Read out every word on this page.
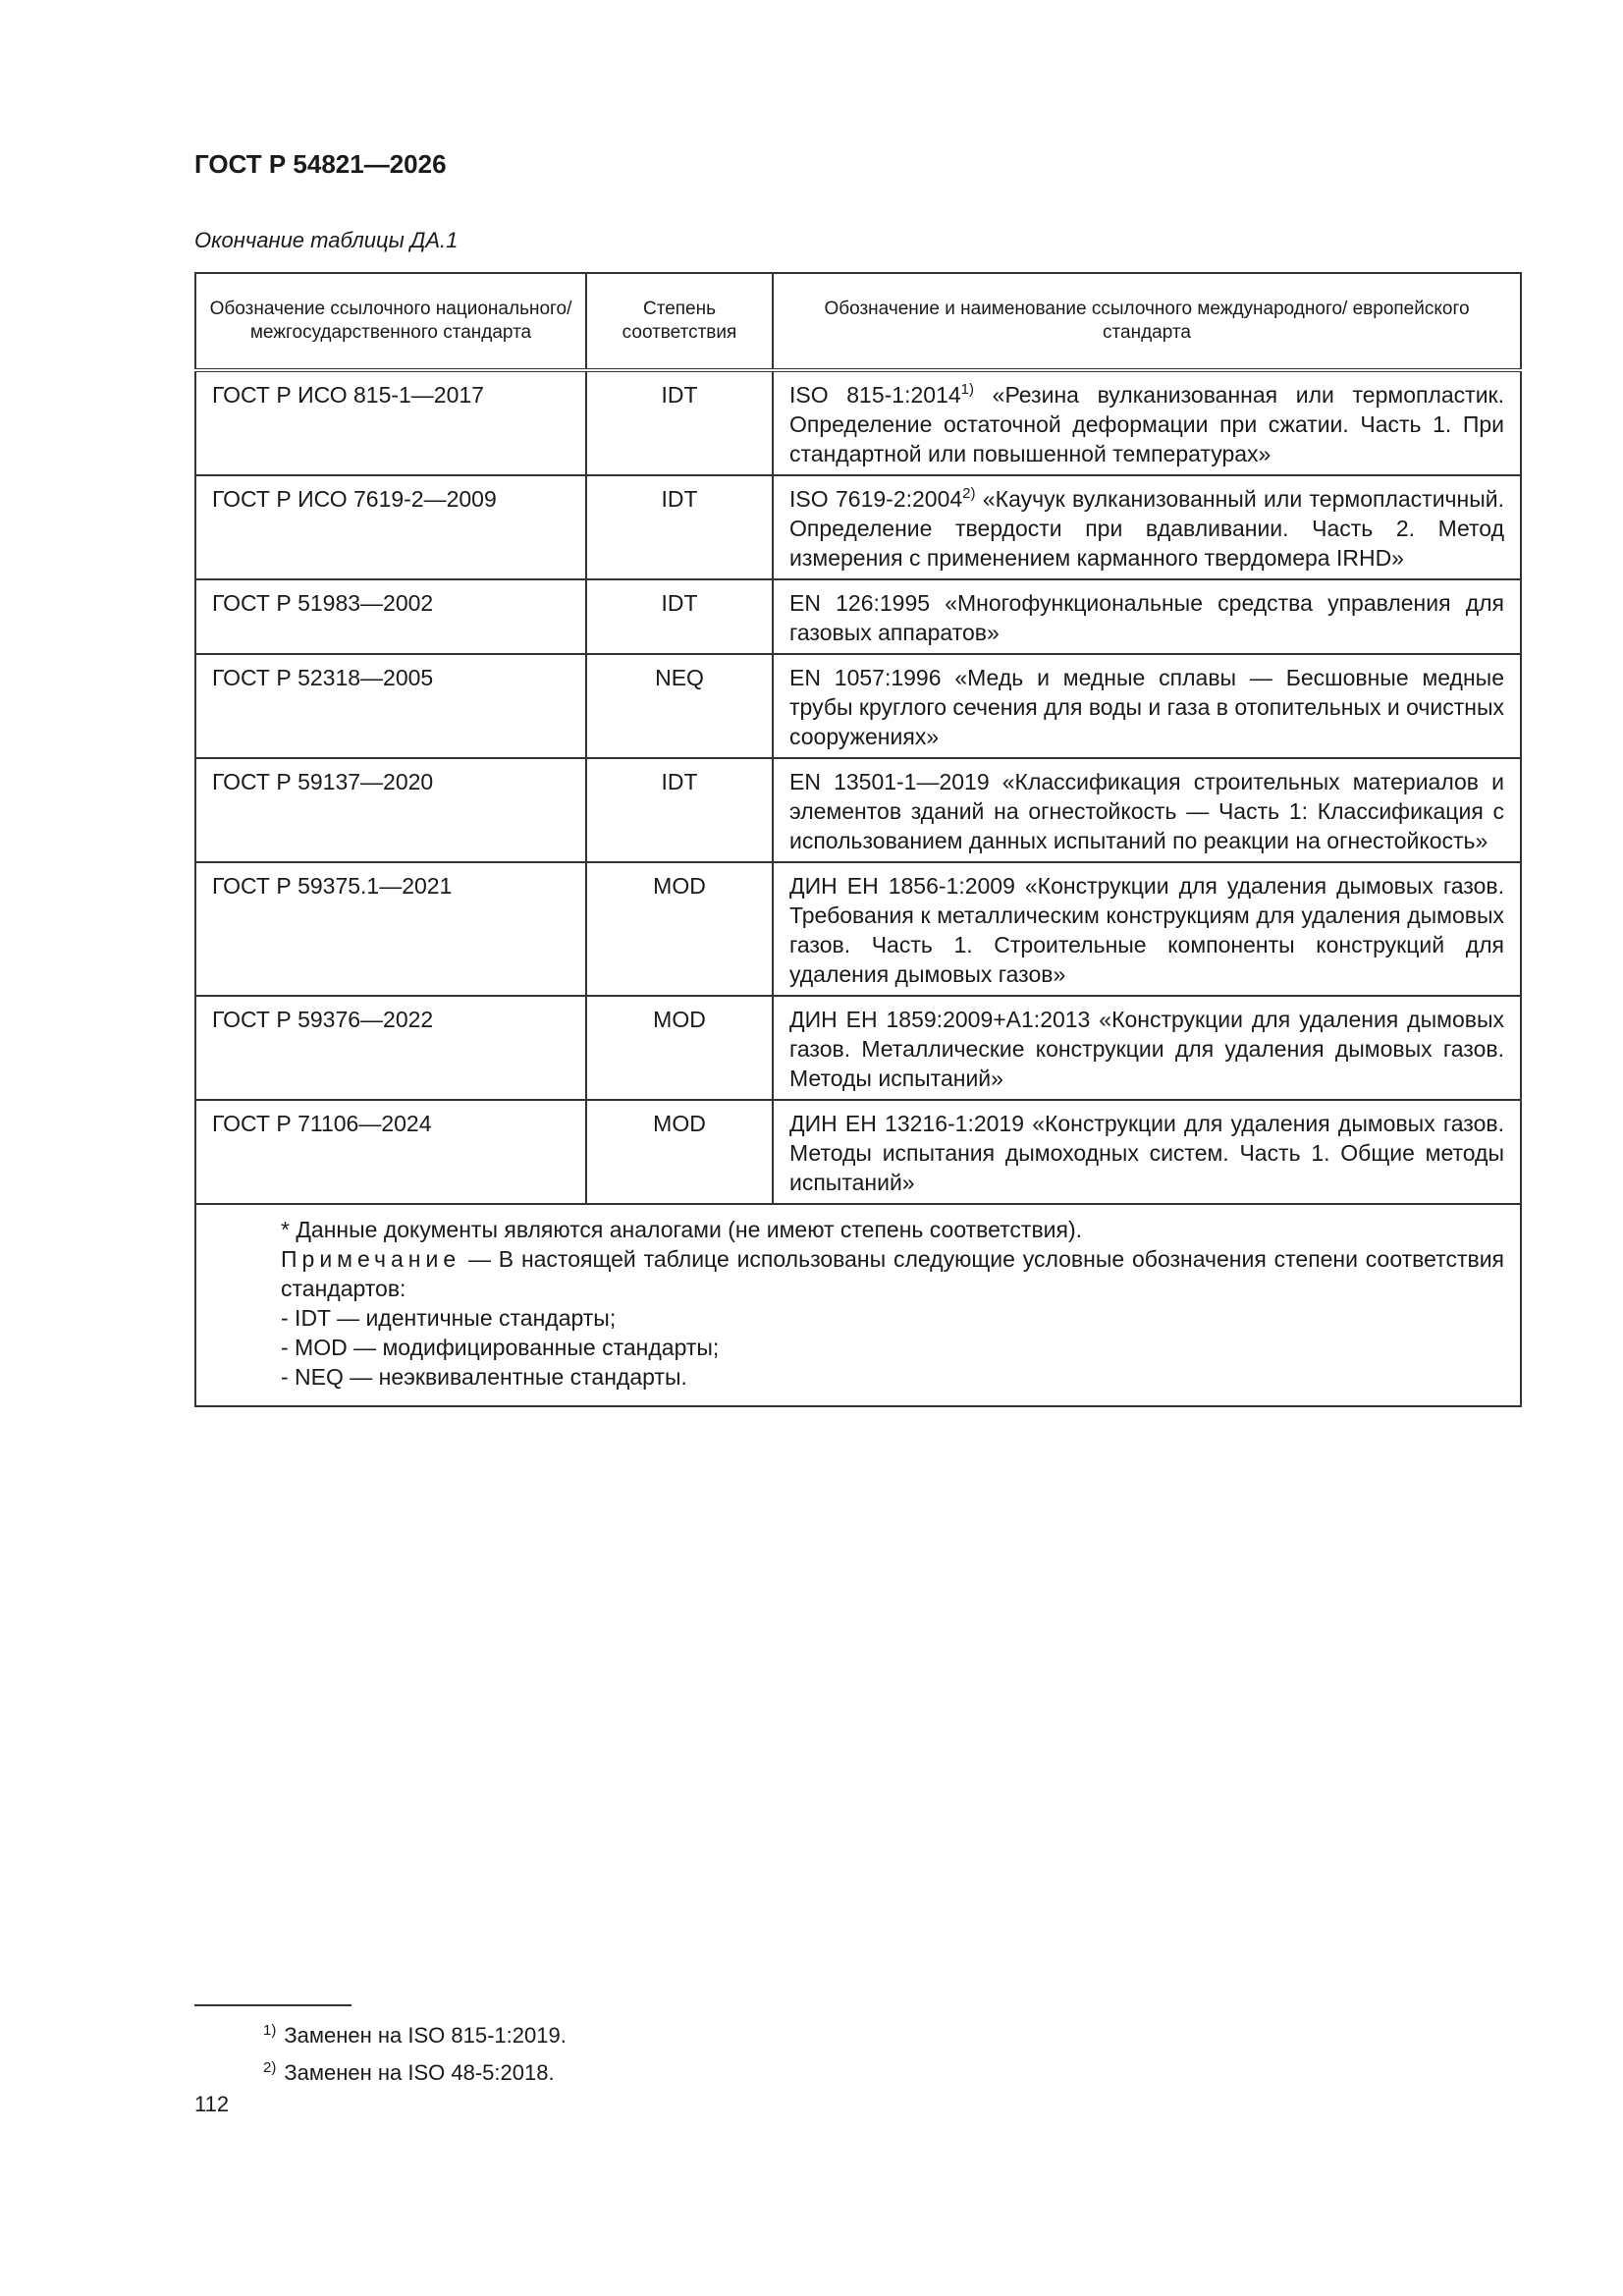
ГОСТ Р 54821—2026
Окончание таблицы ДА.1
Обозначение ссылочного национального/ межгосударственного стандарта	Степень соответствия	Обозначение и наименование ссылочного международного/ европейского стандарта
ГОСТ Р ИСО 815-1—2017	IDT	ISO 815-1:2014$^{1)}$ «Резина вулканизованная или термопластик. Определение остаточной деформации при сжатии. Часть 1. При стандартной или повышенной температурах»
ГОСТ Р ИСО 7619-2—2009	IDT	ISO 7619-2:2004$^{2)}$ «Каучук вулканизованный или термопластичный. Определение твердости при вдавливании. Часть 2. Метод измерения с применением карманного твердомера IRHD»
ГОСТ Р 51983—2002	IDT	EN 126:1995 «Многофункциональные средства управления для газовых аппаратов»
ГОСТ Р 52318—2005	NEQ	EN 1057:1996 «Медь и медные сплавы — Бесшовные медные трубы круглого сечения для воды и газа в отопительных и очистных сооружениях»
ГОСТ Р 59137—2020	IDT	EN 13501-1—2019 «Классификация строительных материалов и элементов зданий на огнестойкость — Часть 1: Классификация с использованием данных испытаний по реакции на огнестойкость»
ГОСТ Р 59375.1—2021	MOD	ДИН ЕН 1856-1:2009 «Конструкции для удаления дымовых газов. Требования к металлическим конструкциям для удаления дымовых газов. Часть 1. Строительные компоненты конструкций для удаления дымовых газов»
ГОСТ Р 59376—2022	MOD	ДИН ЕН 1859:2009+А1:2013 «Конструкции для удаления дымовых газов. Металлические конструкции для удаления дымовых газов. Методы испытаний»
ГОСТ Р 71106—2024	MOD	ДИН ЕН 13216-1:2019 «Конструкции для удаления дымовых газов. Методы испытания дымоходных систем. Часть 1. Общие методы испытаний»

* Данные документы являются аналогами (не имеют степень соответствия).
Примечание — В настоящей таблице использованы следующие условные обозначения степени соответствия стандартов:
- IDT — идентичные стандарты;
- MOD — модифицированные стандарты;
- NEQ — неэквивалентные стандарты.		
$^{1)}$ Заменен на ISO 815-1:2019.
$^{2)}$ Заменен на ISO 48-5:2018.
112
